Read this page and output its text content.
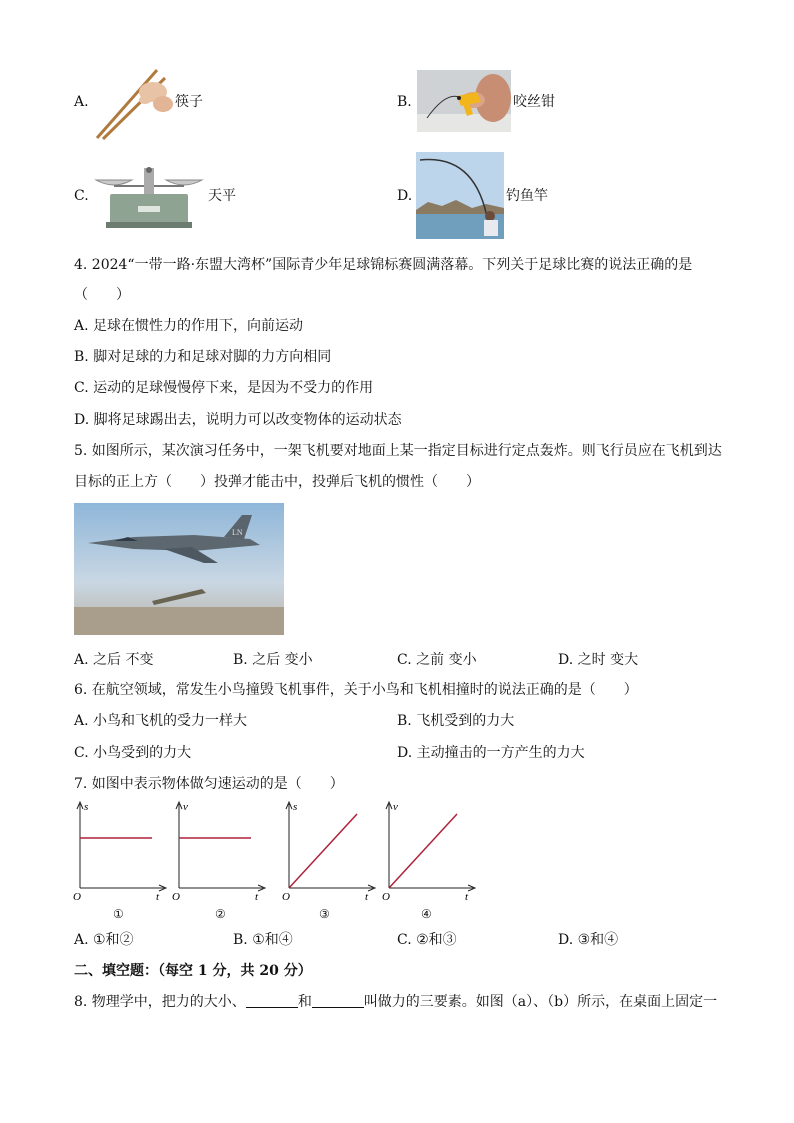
A.	筷子	B.	咬丝钳
C.	天平	D.	钓鱼竿
4. 2024“一带一路·东盟大湾杯”国际青少年足球锦标赛圆满落幕。下列关于足球比赛的说法正确的是
（　　）
A. 足球在惯性力的作用下，向前运动
B. 脚对足球的力和足球对脚的力方向相同
C. 运动的足球慢慢停下来，是因为不受力的作用
D. 脚将足球踢出去，说明力可以改变物体的运动状态
5. 如图所示，某次演习任务中，一架飞机要对地面上某一指定目标进行定点轰炸。则飞行员应在飞机到达
目标的正上方（　　）投弹才能击中，投弹后飞机的惯性（　　）
LN
A. 之后 不变	B. 之后 变小	C. 之前 变小	D. 之时 变大
6. 在航空领域，常发生小鸟撞毁飞机事件，关于小鸟和飞机相撞时的说法正确的是（　　）
A. 小鸟和飞机的受力一样大	B. 飞机受到的力大
C. 小鸟受到的力大	D. 主动撞击的一方产生的力大
7. 如图中表示物体做匀速运动的是（　　）
s
t
O
①
v
t
O
②
s
t
O
③
v
t
O
④
A. ①和②	B. ①和④	C. ②和③	D. ③和④
二、填空题：（每空 1 分，共 20 分）
8. 物理学中，把力的大小、	和	叫做力的三要素。如图（a）、（b）所示，在桌面上固定一
